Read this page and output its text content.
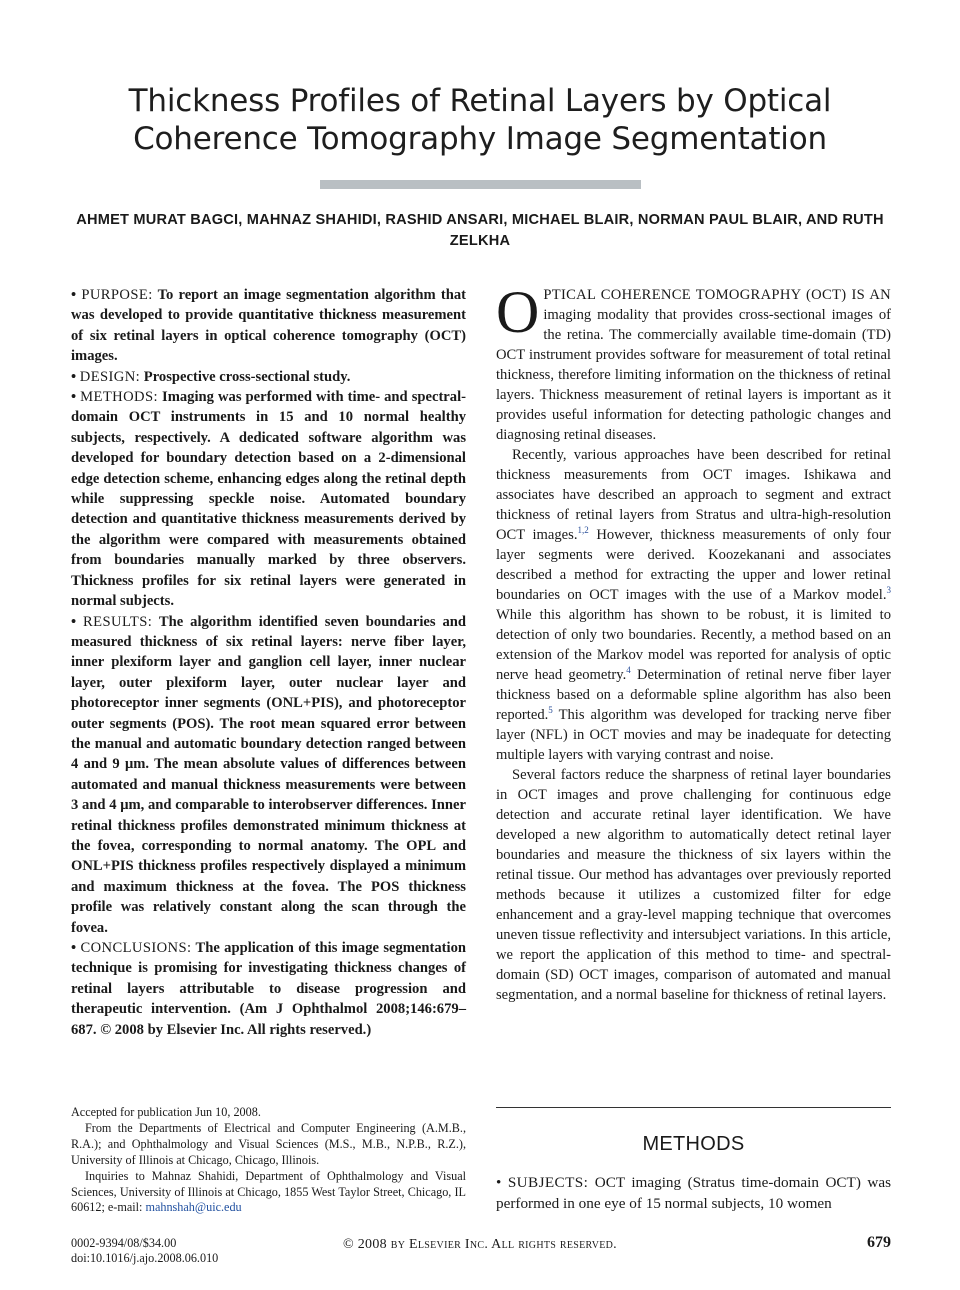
Thickness Profiles of Retinal Layers by Optical Coherence Tomography Image Segmentation
AHMET MURAT BAGCI, MAHNAZ SHAHIDI, RASHID ANSARI, MICHAEL BLAIR, NORMAN PAUL BLAIR, AND RUTH ZELKHA

• PURPOSE: To report an image segmentation algorithm that was developed to provide quantitative thickness measurement of six retinal layers in optical coherence tomography (OCT) images.

• DESIGN: Prospective cross-sectional study.

• METHODS: Imaging was performed with time- and spectral-domain OCT instruments in 15 and 10 normal healthy subjects, respectively. A dedicated software algorithm was developed for boundary detection based on a 2-dimensional edge detection scheme, enhancing edges along the retinal depth while suppressing speckle noise. Automated boundary detection and quantitative thickness measurements derived by the algorithm were compared with measurements obtained from boundaries manually marked by three observers. Thickness profiles for six retinal layers were generated in normal subjects.

• RESULTS: The algorithm identified seven boundaries and measured thickness of six retinal layers: nerve fiber layer, inner plexiform layer and ganglion cell layer, inner nuclear layer, outer plexiform layer, outer nuclear layer and photoreceptor inner segments (ONL+PIS), and photoreceptor outer segments (POS). The root mean squared error between the manual and automatic boundary detection ranged between 4 and 9 μm. The mean absolute values of differences between automated and manual thickness measurements were between 3 and 4 μm, and comparable to interobserver differences. Inner retinal thickness profiles demonstrated minimum thickness at the fovea, corresponding to normal anatomy. The OPL and ONL+PIS thickness profiles respectively displayed a minimum and maximum thickness at the fovea. The POS thickness profile was relatively constant along the scan through the fovea.

• CONCLUSIONS: The application of this image segmentation technique is promising for investigating thickness changes of retinal layers attributable to disease progression and therapeutic intervention. (Am J Ophthalmol 2008;146:679–687. © 2008 by Elsevier Inc. All rights reserved.)

OPTICAL COHERENCE TOMOGRAPHY (OCT) IS AN imaging modality that provides cross-sectional images of the retina. The commercially available time-domain (TD) OCT instrument provides software for measurement of total retinal thickness, therefore limiting information on the thickness of retinal layers. Thickness measurement of retinal layers is important as it provides useful information for detecting pathologic changes and diagnosing retinal diseases.

Recently, various approaches have been described for retinal thickness measurements from OCT images. Ishikawa and associates have described an approach to segment and extract thickness of retinal layers from Stratus and ultra-high-resolution OCT images.$^{1,2}$ However, thickness measurements of only four layer segments were derived. Koozekanani and associates described a method for extracting the upper and lower retinal boundaries on OCT images with the use of a Markov model.$^3$ While this algorithm has shown to be robust, it is limited to detection of only two boundaries. Recently, a method based on an extension of the Markov model was reported for analysis of optic nerve head geometry.$^4$ Determination of retinal nerve fiber layer thickness based on a deformable spline algorithm has also been reported.$^5$ This algorithm was developed for tracking nerve fiber layer (NFL) in OCT movies and may be inadequate for detecting multiple layers with varying contrast and noise.

Several factors reduce the sharpness of retinal layer boundaries in OCT images and prove challenging for continuous edge detection and accurate retinal layer identification. We have developed a new algorithm to automatically detect retinal layer boundaries and measure the thickness of six layers within the retinal tissue. Our method has advantages over previously reported methods because it utilizes a customized filter for edge enhancement and a gray-level mapping technique that overcomes uneven tissue reflectivity and intersubject variations. In this article, we report the application of this method to time- and spectral-domain (SD) OCT images, comparison of automated and manual segmentation, and a normal baseline for thickness of retinal layers.

METHODS
• SUBJECTS: OCT imaging (Stratus time-domain OCT) was performed in one eye of 15 normal subjects, 10 women

Accepted for publication Jun 10, 2008.

From the Departments of Electrical and Computer Engineering (A.M.B., R.A.); and Ophthalmology and Visual Sciences (M.S., M.B., N.P.B., R.Z.), University of Illinois at Chicago, Chicago, Illinois.

Inquiries to Mahnaz Shahidi, Department of Ophthalmology and Visual Sciences, University of Illinois at Chicago, 1855 West Taylor Street, Chicago, IL 60612; e-mail: mahnshah@uic.edu

0002-9394/08/$34.00
doi:10.1016/j.ajo.2008.06.010
© 2008 by Elsevier Inc. All rights reserved.	679
